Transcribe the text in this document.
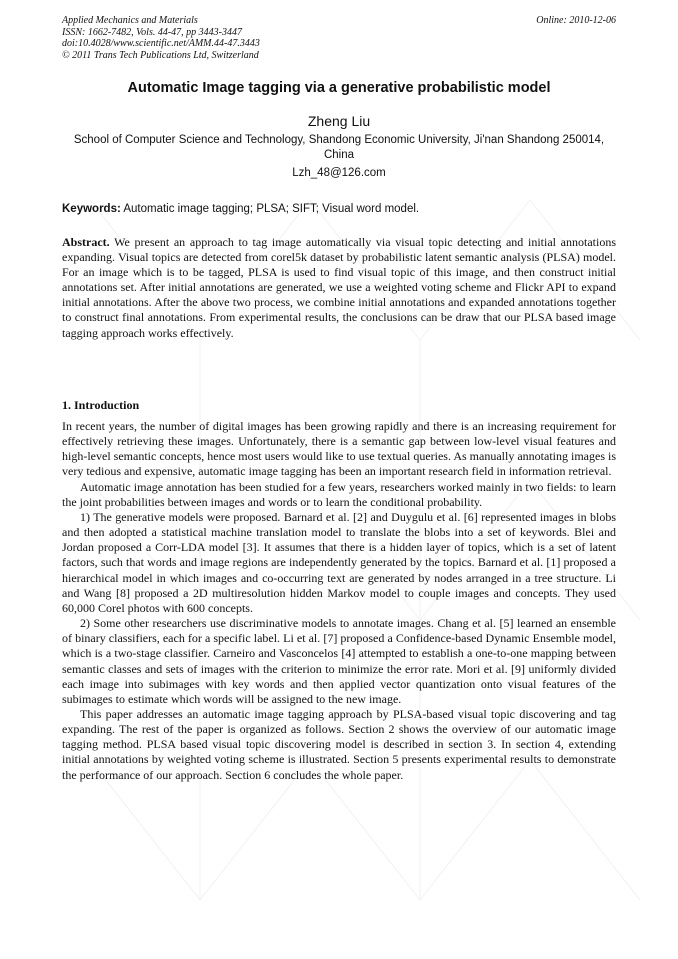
Applied Mechanics and Materials
ISSN: 1662-7482, Vols. 44-47, pp 3443-3447
doi:10.4028/www.scientific.net/AMM.44-47.3443
© 2011 Trans Tech Publications Ltd, Switzerland
Online: 2010-12-06
Automatic Image tagging via a generative probabilistic model
Zheng Liu
School of Computer Science and Technology, Shandong Economic University, Ji'nan Shandong 250014, China
Lzh_48@126.com
Keywords: Automatic image tagging; PLSA; SIFT; Visual word model.
Abstract. We present an approach to tag image automatically via visual topic detecting and initial annotations expanding. Visual topics are detected from corel5k dataset by probabilistic latent semantic analysis (PLSA) model. For an image which is to be tagged, PLSA is used to find visual topic of this image, and then construct initial annotations set. After initial annotations are generated, we use a weighted voting scheme and Flickr API to expand initial annotations. After the above two process, we combine initial annotations and expanded annotations together to construct final annotations. From experimental results, the conclusions can be draw that our PLSA based image tagging approach works effectively.
1. Introduction

In recent years, the number of digital images has been growing rapidly and there is an increasing requirement for effectively retrieving these images. Unfortunately, there is a semantic gap between low-level visual features and high-level semantic concepts, hence most users would like to use textual queries. As manually annotating images is very tedious and expensive, automatic image tagging has been an important research field in information retrieval.

Automatic image annotation has been studied for a few years, researchers worked mainly in two fields: to learn the joint probabilities between images and words or to learn the conditional probability.

1) The generative models were proposed. Barnard et al. [2] and Duygulu et al. [6] represented images in blobs and then adopted a statistical machine translation model to translate the blobs into a set of keywords. Blei and Jordan proposed a Corr-LDA model [3]. It assumes that there is a hidden layer of topics, which is a set of latent factors, such that words and image regions are independently generated by the topics. Barnard et al. [1] proposed a hierarchical model in which images and co-occurring text are generated by nodes arranged in a tree structure. Li and Wang [8] proposed a 2D multiresolution hidden Markov model to couple images and concepts. They used 60,000 Corel photos with 600 concepts.

2) Some other researchers use discriminative models to annotate images. Chang et al. [5] learned an ensemble of binary classifiers, each for a specific label. Li et al. [7] proposed a Confidence-based Dynamic Ensemble model, which is a two-stage classifier. Carneiro and Vasconcelos [4] attempted to establish a one-to-one mapping between semantic classes and sets of images with the criterion to minimize the error rate. Mori et al. [9] uniformly divided each image into subimages with key words and then applied vector quantization onto visual features of the subimages to estimate which words will be assigned to the new image.

This paper addresses an automatic image tagging approach by PLSA-based visual topic discovering and tag expanding. The rest of the paper is organized as follows. Section 2 shows the overview of our automatic image tagging method. PLSA based visual topic discovering model is described in section 3. In section 4, extending initial annotations by weighted voting scheme is illustrated. Section 5 presents experimental results to demonstrate the performance of our approach. Section 6 concludes the whole paper.
